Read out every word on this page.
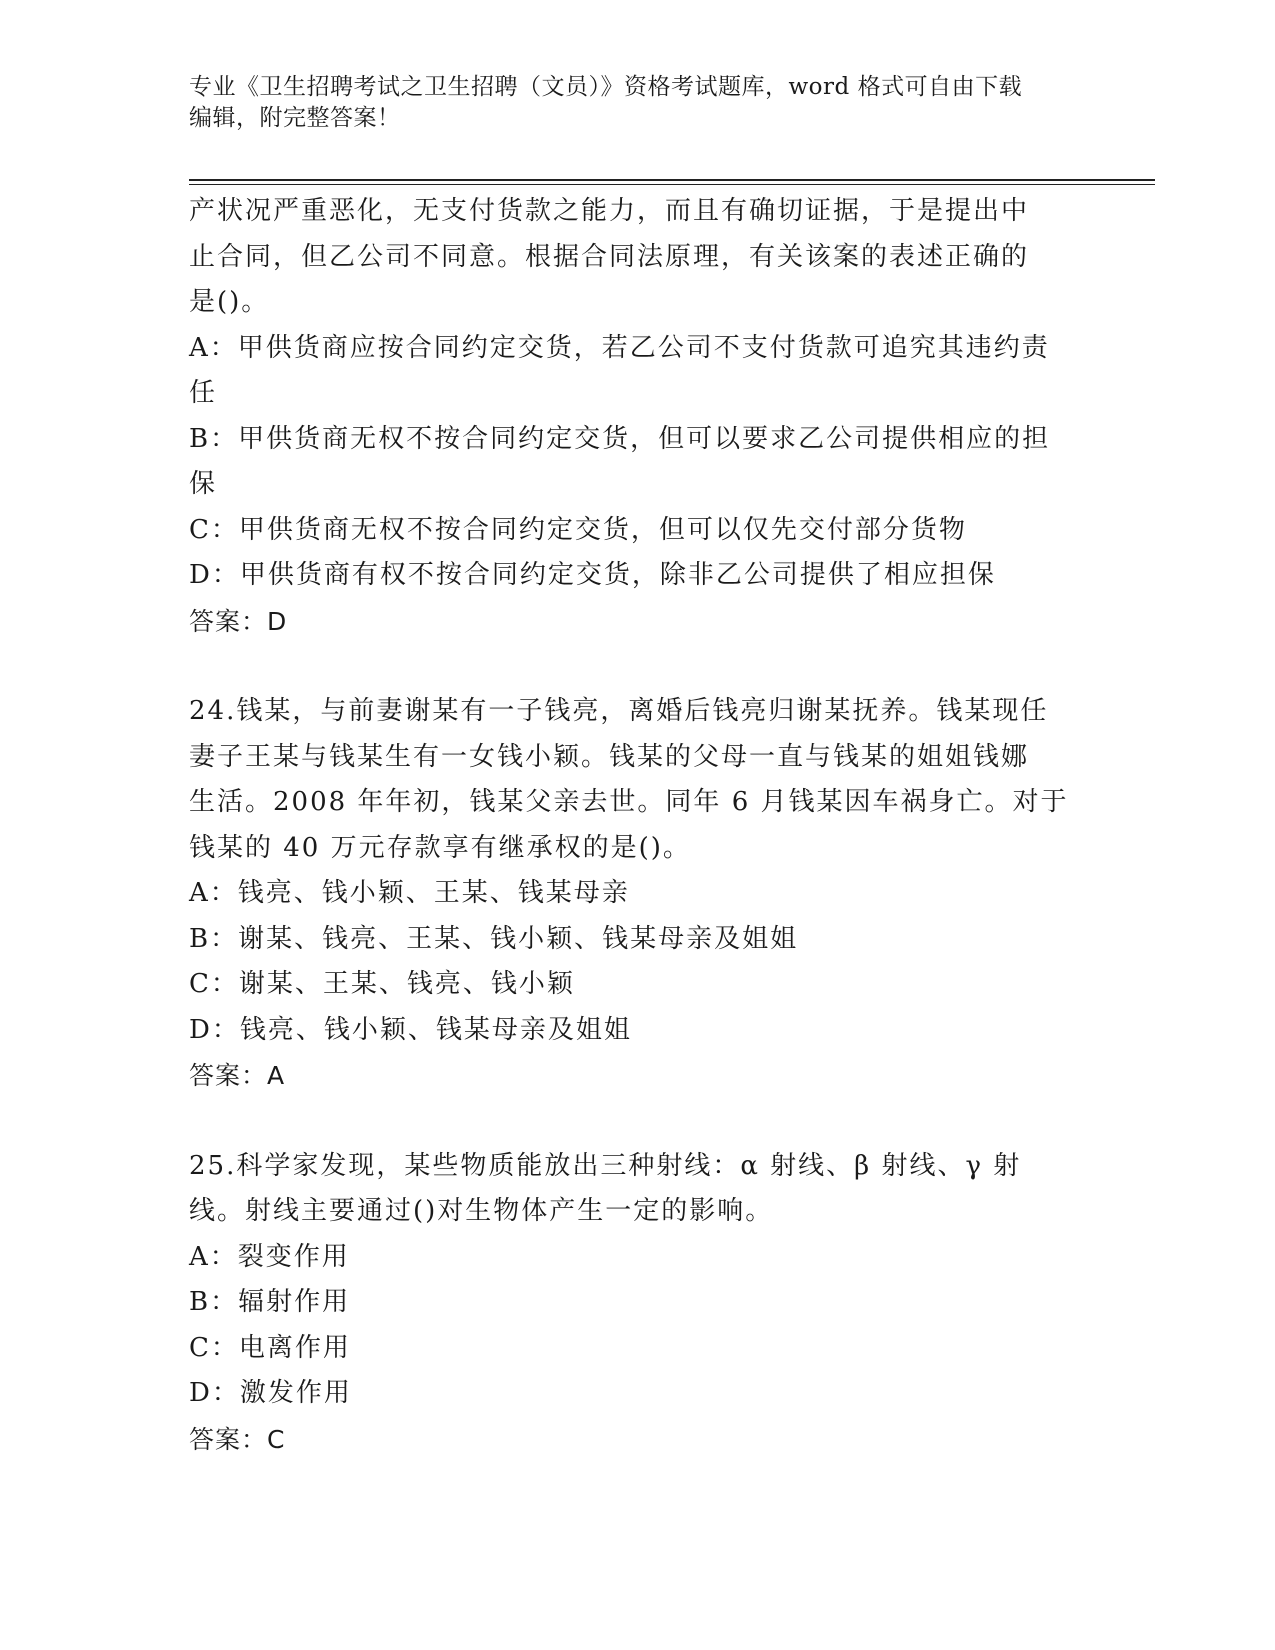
专业《卫生招聘考试之卫生招聘（文员）》资格考试题库，word 格式可自由下载
编辑，附完整答案！
产状况严重恶化，无支付货款之能力，而且有确切证据，于是提出中
止合同，但乙公司不同意。根据合同法原理，有关该案的表述正确的
是()。
A：甲供货商应按合同约定交货，若乙公司不支付货款可追究其违约责
任
B：甲供货商无权不按合同约定交货，但可以要求乙公司提供相应的担
保
C：甲供货商无权不按合同约定交货，但可以仅先交付部分货物
D：甲供货商有权不按合同约定交货，除非乙公司提供了相应担保
答案：D
24.钱某，与前妻谢某有一子钱亮，离婚后钱亮归谢某抚养。钱某现任
妻子王某与钱某生有一女钱小颖。钱某的父母一直与钱某的姐姐钱娜
生活。2008 年年初，钱某父亲去世。同年 6 月钱某因车祸身亡。对于
钱某的 40 万元存款享有继承权的是()。
A：钱亮、钱小颖、王某、钱某母亲
B：谢某、钱亮、王某、钱小颖、钱某母亲及姐姐
C：谢某、王某、钱亮、钱小颖
D：钱亮、钱小颖、钱某母亲及姐姐
答案：A
25.科学家发现，某些物质能放出三种射线：α 射线、β 射线、γ 射
线。射线主要通过()对生物体产生一定的影响。
A：裂变作用
B：辐射作用
C：电离作用
D：激发作用
答案：C
